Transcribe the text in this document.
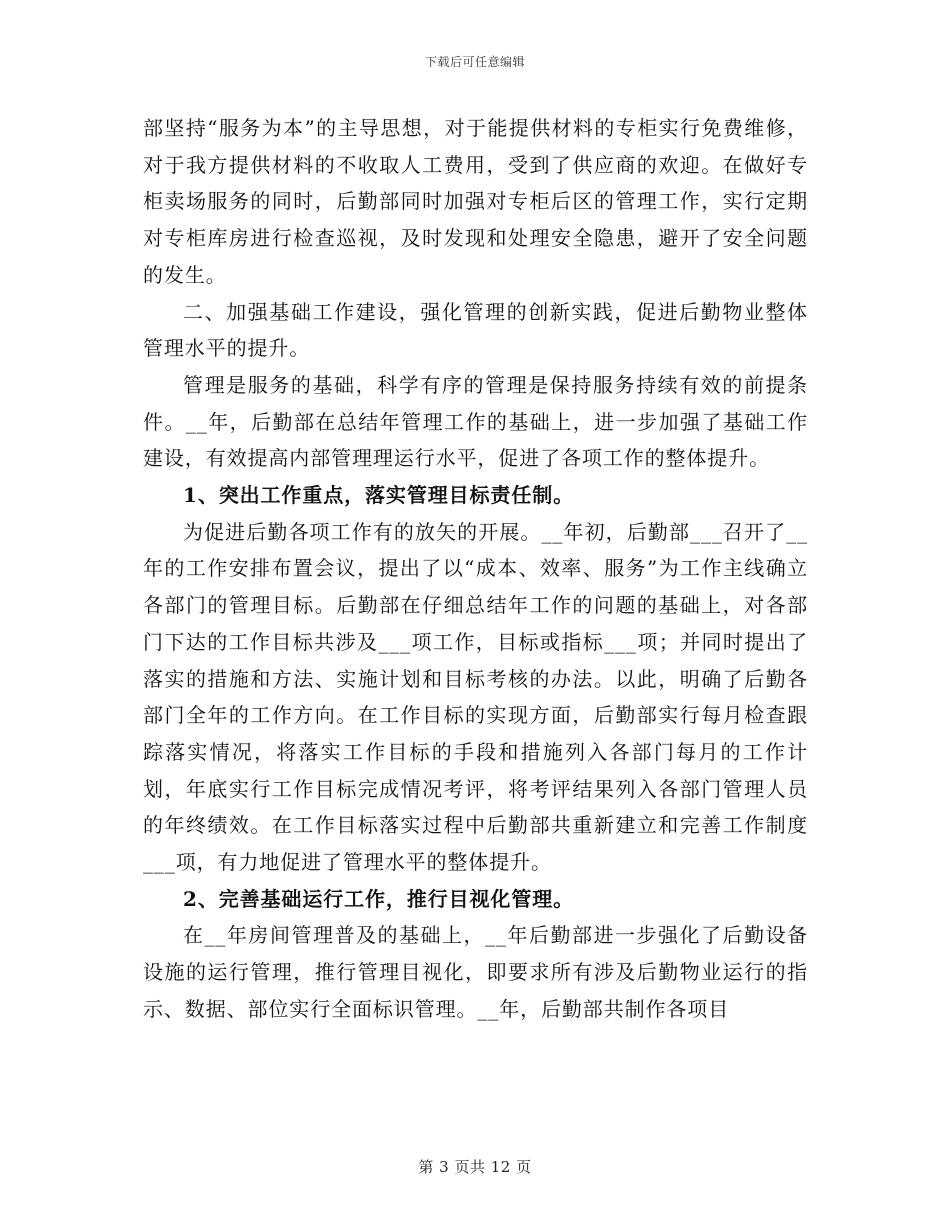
下载后可任意编辑

部坚持“服务为本”的主导思想，对于能提供材料的专柜实行免费维修，对于我方提供材料的不收取人工费用，受到了供应商的欢迎。在做好专柜卖场服务的同时，后勤部同时加强对专柜后区的管理工作，实行定期对专柜库房进行检查巡视，及时发现和处理安全隐患，避开了安全问题的发生。

二、加强基础工作建设，强化管理的创新实践，促进后勤物业整体管理水平的提升。

管理是服务的基础，科学有序的管理是保持服务持续有效的前提条件。__年，后勤部在总结年管理工作的基础上，进一步加强了基础工作建设，有效提高内部管理理运行水平，促进了各项工作的整体提升。

1、突出工作重点，落实管理目标责任制。

为促进后勤各项工作有的放矢的开展。__年初，后勤部___召开了__年的工作安排布置会议，提出了以“成本、效率、服务”为工作主线确立各部门的管理目标。后勤部在仔细总结年工作的问题的基础上，对各部门下达的工作目标共涉及___项工作，目标或指标___项；并同时提出了落实的措施和方法、实施计划和目标考核的办法。以此，明确了后勤各部门全年的工作方向。在工作目标的实现方面，后勤部实行每月检查跟踪落实情况，将落实工作目标的手段和措施列入各部门每月的工作计划，年底实行工作目标完成情况考评，将考评结果列入各部门管理人员的年终绩效。在工作目标落实过程中后勤部共重新建立和完善工作制度___项，有力地促进了管理水平的整体提升。

2、完善基础运行工作，推行目视化管理。

在__年房间管理普及的基础上，__年后勤部进一步强化了后勤设备设施的运行管理，推行管理目视化，即要求所有涉及后勤物业运行的指示、数据、部位实行全面标识管理。__年，后勤部共制作各项目

第 3 页共 12 页
